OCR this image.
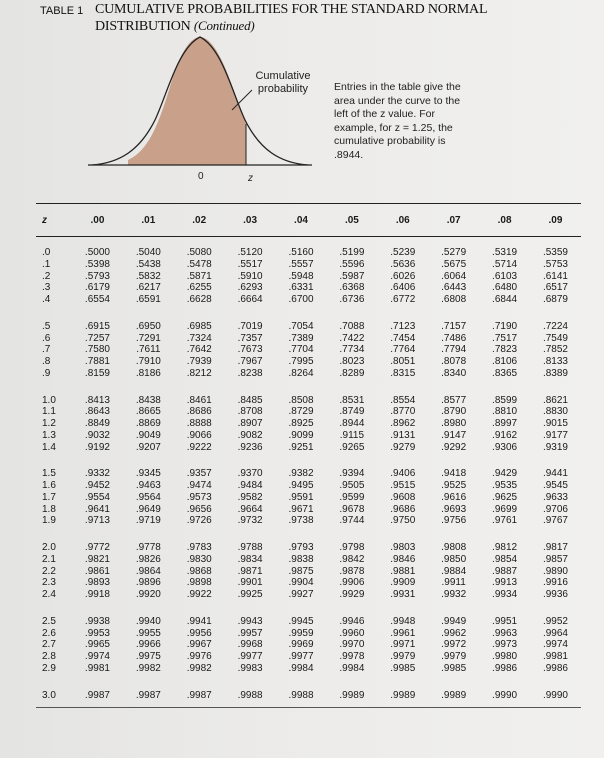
TABLE 1 CUMULATIVE PROBABILITIES FOR THE STANDARD NORMAL DISTRIBUTION (Continued)
Cumulative probability	Entries in the table give the area under the curve to the left of the z value. For example, for z = 1.25, the cumulative probability is .8944.
0	z
z	.00	.01	.02	.03	.04	.05	.06	.07	.08	.09
.0	.5000	.5040	.5080	.5120	.5160	.5199	.5239	.5279	.5319	.5359
.1	.5398	.5438	.5478	.5517	.5557	.5596	.5636	.5675	.5714	.5753
.2	.5793	.5832	.5871	.5910	.5948	.5987	.6026	.6064	.6103	.6141
.3	.6179	.6217	.6255	.6293	.6331	.6368	.6406	.6443	.6480	.6517
.4	.6554	.6591	.6628	.6664	.6700	.6736	.6772	.6808	.6844	.6879
.5	.6915	.6950	.6985	.7019	.7054	.7088	.7123	.7157	.7190	.7224
.6	.7257	.7291	.7324	.7357	.7389	.7422	.7454	.7486	.7517	.7549
.7	.7580	.7611	.7642	.7673	.7704	.7734	.7764	.7794	.7823	.7852
.8	.7881	.7910	.7939	.7967	.7995	.8023	.8051	.8078	.8106	.8133
.9	.8159	.8186	.8212	.8238	.8264	.8289	.8315	.8340	.8365	.8389
1.0	.8413	.8438	.8461	.8485	.8508	.8531	.8554	.8577	.8599	.8621
1.1	.8643	.8665	.8686	.8708	.8729	.8749	.8770	.8790	.8810	.8830
1.2	.8849	.8869	.8888	.8907	.8925	.8944	.8962	.8980	.8997	.9015
1.3	.9032	.9049	.9066	.9082	.9099	.9115	.9131	.9147	.9162	.9177
1.4	.9192	.9207	.9222	.9236	.9251	.9265	.9279	.9292	.9306	.9319
1.5	.9332	.9345	.9357	.9370	.9382	.9394	.9406	.9418	.9429	.9441
1.6	.9452	.9463	.9474	.9484	.9495	.9505	.9515	.9525	.9535	.9545
1.7	.9554	.9564	.9573	.9582	.9591	.9599	.9608	.9616	.9625	.9633
1.8	.9641	.9649	.9656	.9664	.9671	.9678	.9686	.9693	.9699	.9706
1.9	.9713	.9719	.9726	.9732	.9738	.9744	.9750	.9756	.9761	.9767
2.0	.9772	.9778	.9783	.9788	.9793	.9798	.9803	.9808	.9812	.9817
2.1	.9821	.9826	.9830	.9834	.9838	.9842	.9846	.9850	.9854	.9857
2.2	.9861	.9864	.9868	.9871	.9875	.9878	.9881	.9884	.9887	.9890
2.3	.9893	.9896	.9898	.9901	.9904	.9906	.9909	.9911	.9913	.9916
2.4	.9918	.9920	.9922	.9925	.9927	.9929	.9931	.9932	.9934	.9936
2.5	.9938	.9940	.9941	.9943	.9945	.9946	.9948	.9949	.9951	.9952
2.6	.9953	.9955	.9956	.9957	.9959	.9960	.9961	.9962	.9963	.9964
2.7	.9965	.9966	.9967	.9968	.9969	.9970	.9971	.9972	.9973	.9974
2.8	.9974	.9975	.9976	.9977	.9977	.9978	.9979	.9979	.9980	.9981
2.9	.9981	.9982	.9982	.9983	.9984	.9984	.9985	.9985	.9986	.9986
3.0	.9987	.9987	.9987	.9988	.9988	.9989	.9989	.9989	.9990	.9990
